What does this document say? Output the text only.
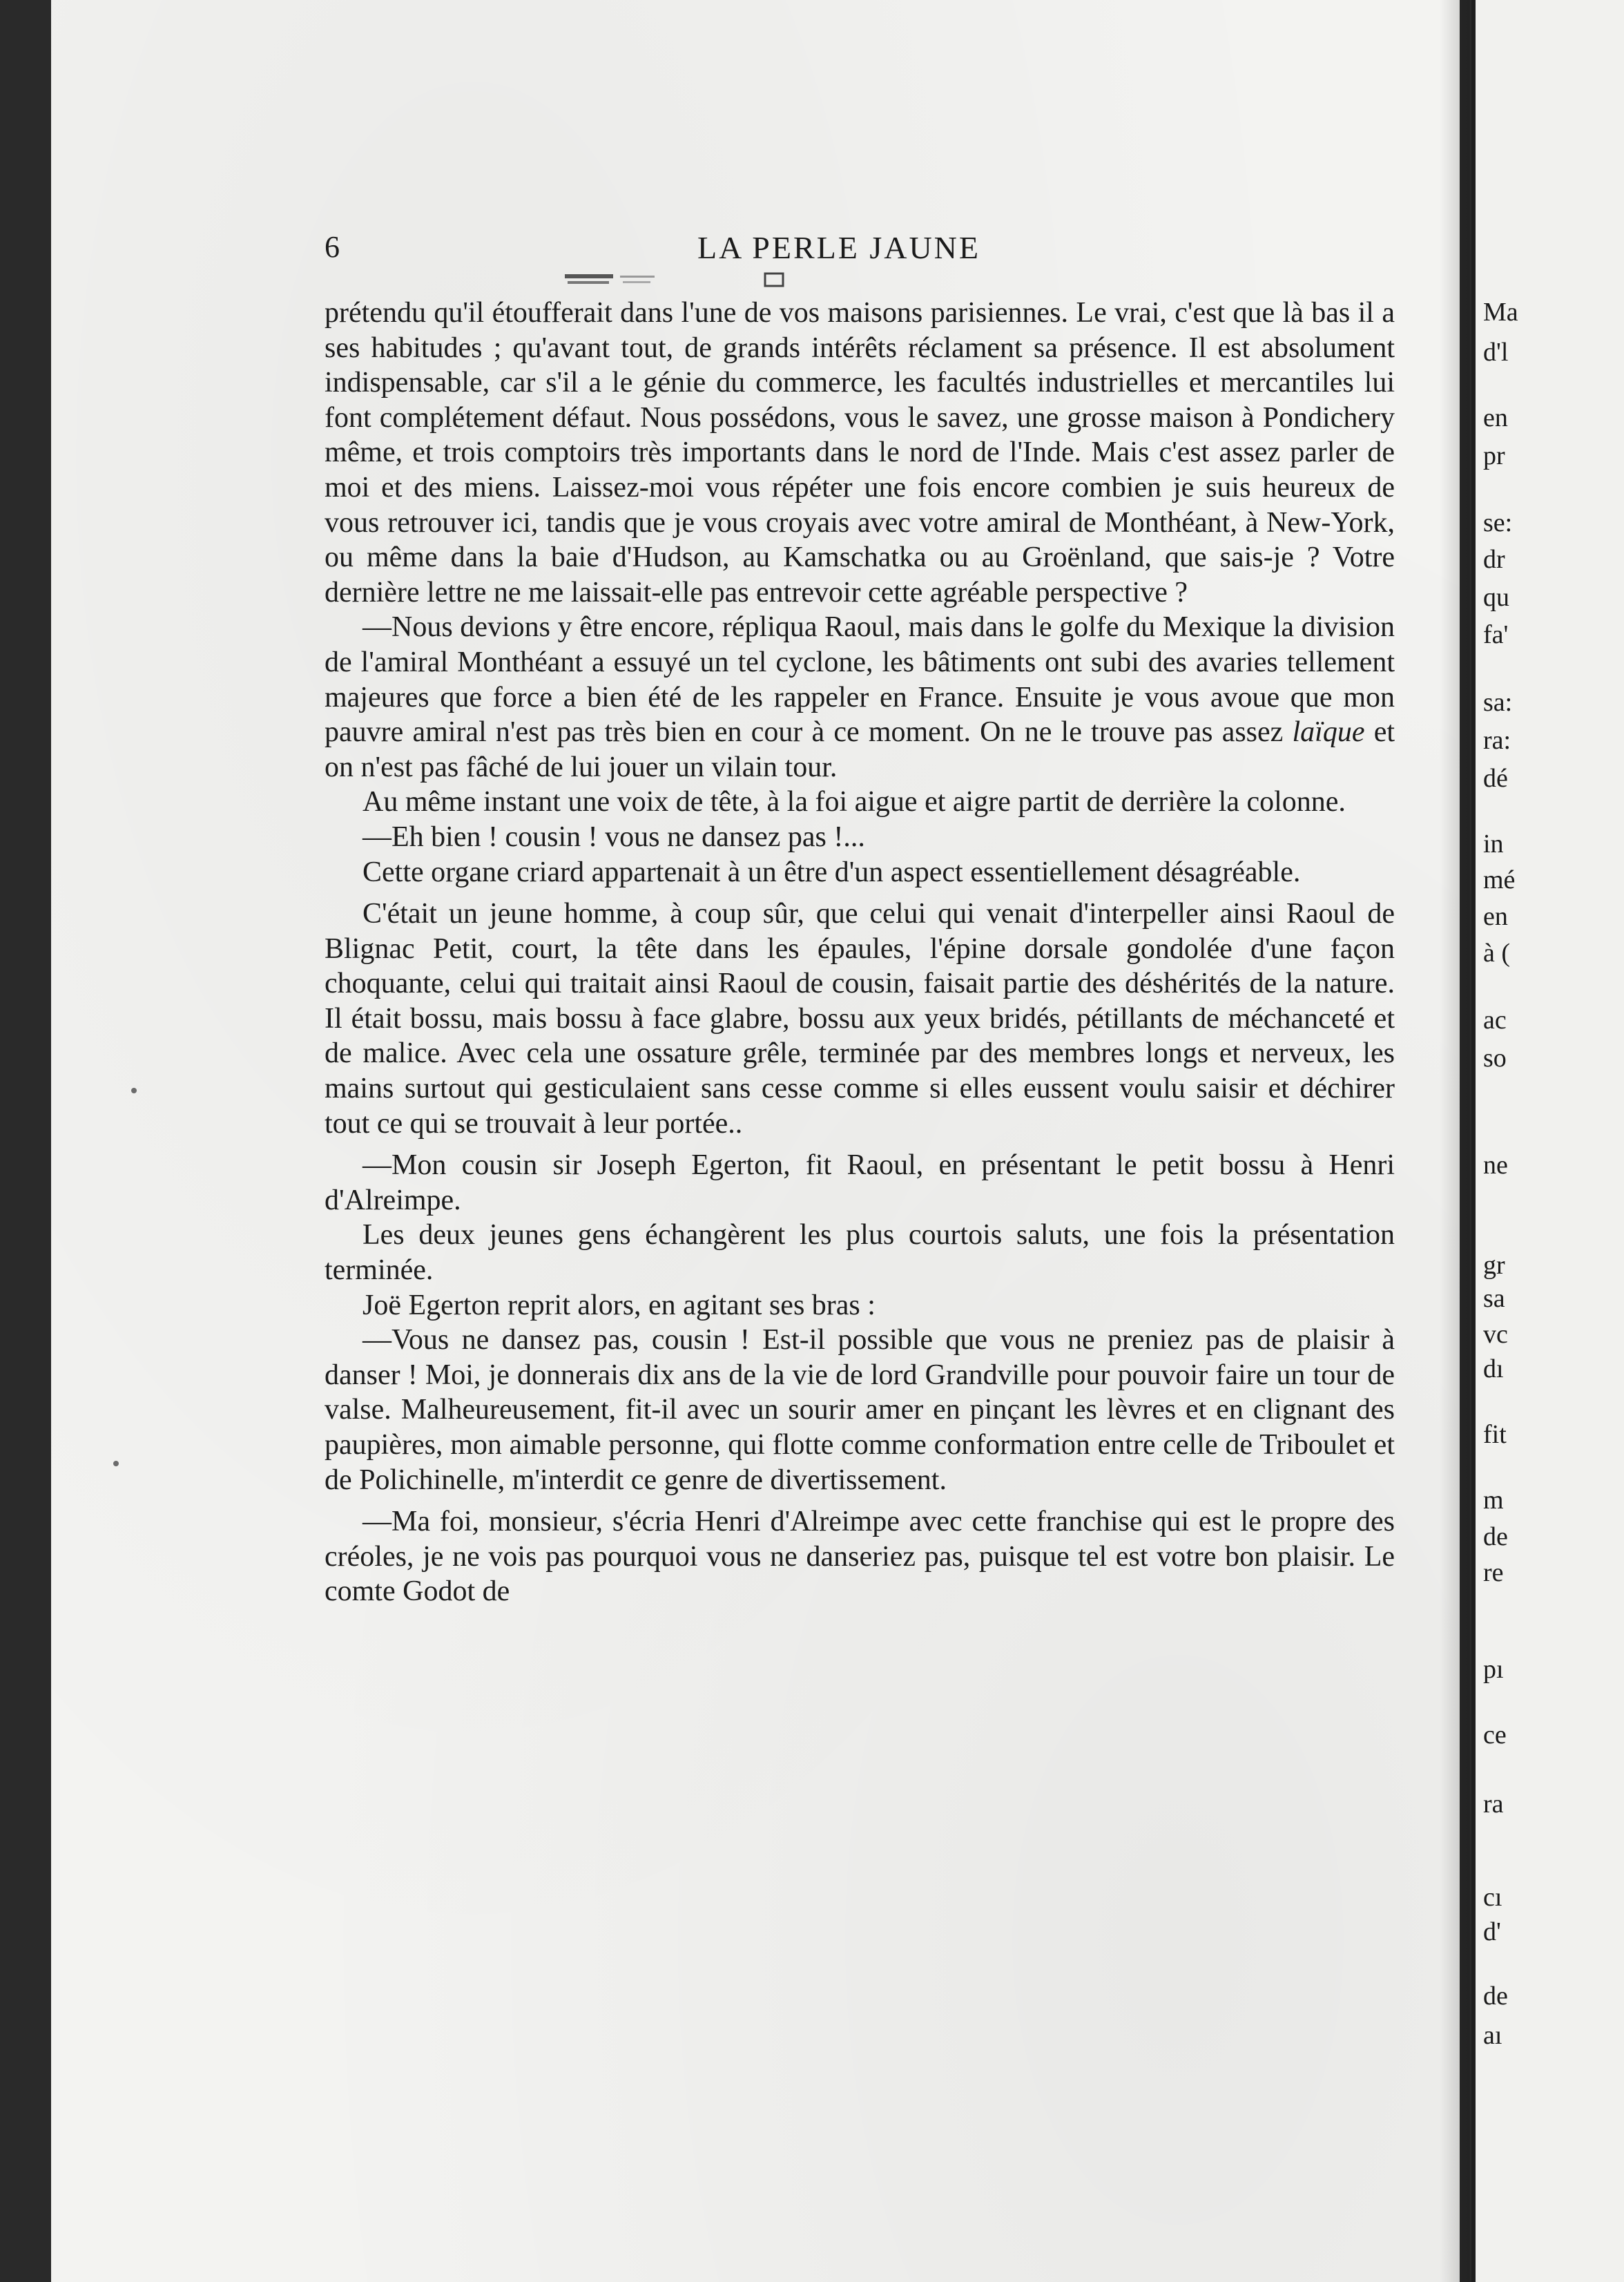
6	LA PERLE JAUNE

prétendu qu'il étoufferait dans l'une de vos maisons parisiennes. Le vrai, c'est que là bas il a ses habitudes ; qu'avant tout, de grands intérêts réclament sa présence. Il est absolument indispensable, car s'il a le génie du commerce, les facultés industrielles et mercantiles lui font complétement défaut. Nous possédons, vous le savez, une grosse maison à Pondichery même, et trois comptoirs très importants dans le nord de l'Inde. Mais c'est assez parler de moi et des miens. Laissez-moi vous répéter une fois encore combien je suis heureux de vous retrouver ici, tandis que je vous croyais avec votre amiral de Monthéant, à New-York, ou même dans la baie d'Hudson, au Kamschatka ou au Groënland, que sais-je ? Votre dernière lettre ne me laissait-elle pas entrevoir cette agréable perspective ?

—Nous devions y être encore, répliqua Raoul, mais dans le golfe du Mexique la division de l'amiral Monthéant a essuyé un tel cyclone, les bâtiments ont subi des avaries tellement majeures que force a bien été de les rappeler en France. Ensuite je vous avoue que mon pauvre amiral n'est pas très bien en cour à ce moment. On ne le trouve pas assez laïque et on n'est pas fâché de lui jouer un vilain tour.

Au même instant une voix de tête, à la foi aigue et aigre partit de derrière la colonne.

—Eh bien ! cousin ! vous ne dansez pas !...

Cette organe criard appartenait à un être d'un aspect essentiellement désagréable.

C'était un jeune homme, à coup sûr, que celui qui venait d'interpeller ainsi Raoul de Blignac Petit, court, la tête dans les épaules, l'épine dorsale gondolée d'une façon choquante, celui qui traitait ainsi Raoul de cousin, faisait partie des déshérités de la nature. Il était bossu, mais bossu à face glabre, bossu aux yeux bridés, pétillants de méchanceté et de malice. Avec cela une ossature grêle, terminée par des membres longs et nerveux, les mains surtout qui gesticulaient sans cesse comme si elles eussent voulu saisir et déchirer tout ce qui se trouvait à leur portée..

—Mon cousin sir Joseph Egerton, fit Raoul, en présentant le petit bossu à Henri d'Alreimpe.

Les deux jeunes gens échangèrent les plus courtois saluts, une fois la présentation terminée.

Joë Egerton reprit alors, en agitant ses bras :

—Vous ne dansez pas, cousin ! Est-il possible que vous ne preniez pas de plaisir à danser ! Moi, je donnerais dix ans de la vie de lord Grandville pour pouvoir faire un tour de valse. Malheureusement, fit-il avec un sourir amer en pinçant les lèvres et en clignant des paupières, mon aimable personne, qui flotte comme conformation entre celle de Triboulet et de Polichinelle, m'interdit ce genre de divertissement.

—Ma foi, monsieur, s'écria Henri d'Alreimpe avec cette franchise qui est le propre des créoles, je ne vois pas pourquoi vous ne danseriez pas, puisque tel est votre bon plaisir. Le comte Godot de

Ma
d'l
en
pr
se:
dr
qu
fa'
sa:
ra:
dé
in
mé
en
à (
ac
so
ne
gr
sa
vc
dı
fit
m
de
re
pı
ce
ra
cı
d'
de
aı
